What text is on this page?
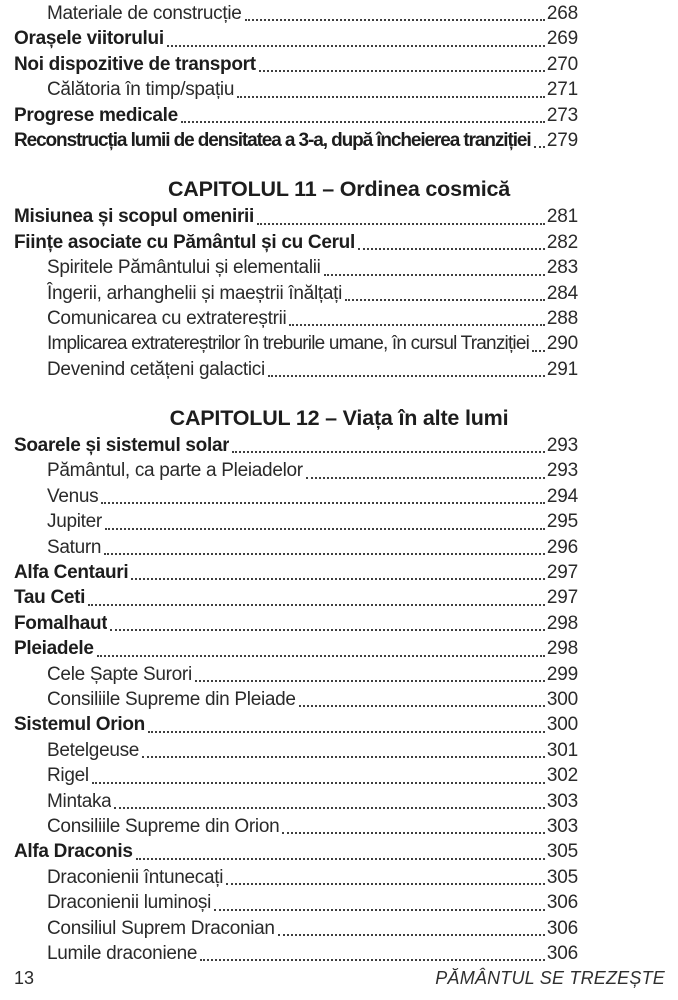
Materiale de construcție	268
Orașele viitorului	269
Noi dispozitive de transport	270
Călătoria în timp/spațiu	271
Progrese medicale	273
Reconstrucția lumii de densitatea a 3-a, după încheierea tranziției 279
CAPITOLUL 11 – Ordinea cosmică
Misiunea și scopul omenirii	281
Ființe asociate cu Pământul și cu Cerul	282
Spiritele Pământului și elementalii	283
Îngerii, arhanghelii și maeștrii înălțați	284
Comunicarea cu extratereștrii	288
Implicarea extratereștrilor în treburile umane, în cursul Tranziției 290
Devenind cetățeni galactici	291
CAPITOLUL 12 – Viața în alte lumi
Soarele și sistemul solar	293
Pământul, ca parte a Pleiadelor	293
Venus	294
Jupiter	295
Saturn	296
Alfa Centauri	297
Tau Ceti	297
Fomalhaut	298
Pleiadele	298
Cele Șapte Surori	299
Consiliile Supreme din Pleiade	300
Sistemul Orion	300
Betelgeuse	301
Rigel	302
Mintaka	303
Consiliile Supreme din Orion	303
Alfa Draconis	305
Draconienii întunecați	305
Draconienii luminoși	306
Consiliul Suprem Draconian	306
Lumile draconiene	306
13	PĂMÂNTUL SE TREZEȘTE
